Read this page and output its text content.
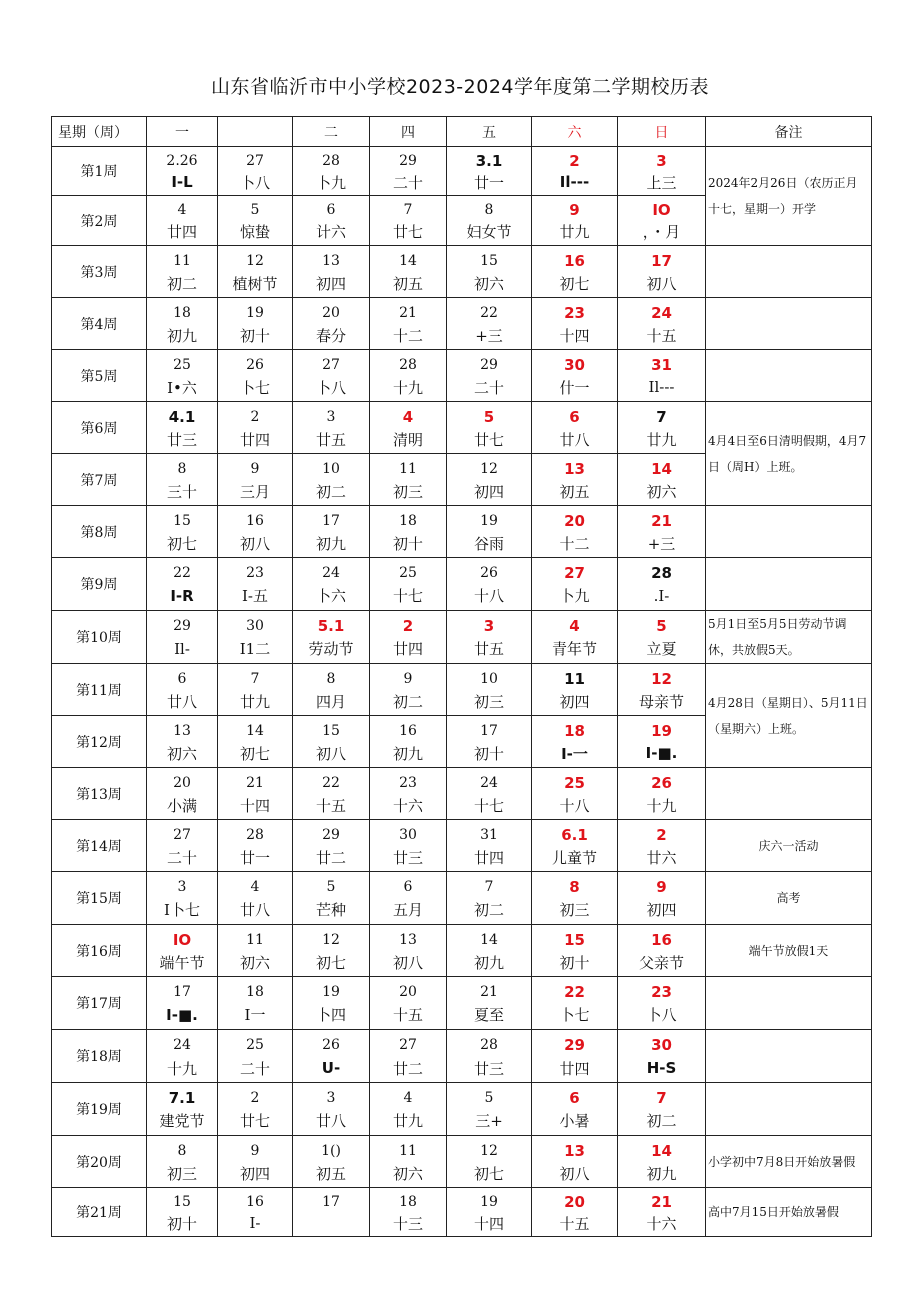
山东省临沂市中小学校2023-2024学年度第二学期校历表
星期（周）	一		二	四	五	六	日	备注
第1周	2.26	27	28	29	3.1	2	3	2024年2月26日（农历正月十七，星期一）开学

	I-L	卜八	卜九	二十	廿一	Il---	上三	

第2周	4	5	6	7	8	9	IO	

	廿四	惊蛰	计六	廿七	妇女节	廿九	，・月	

第3周	11	12	13	14	15	16	17	

	初二	植树节	初四	初五	初六	初七	初八	

第4周	18	19	20	21	22	23	24	

	初九	初十	春分	十二	+三	十四	十五	

第5周	25	26	27	28	29	30	31	

	I•六	卜七	卜八	十九	二十	什一	Il---	

第6周	4.1	2	3	4	5	6	7	4月4日至6日清明假期，4月7日（周H）上班。

	廿三	廿四	廿五	清明	廿七	廿八	廿九	

第7周	8	9	10	11	12	13	14	

	三十	三月	初二	初三	初四	初五	初六	

第8周	15	16	17	18	19	20	21	

	初七	初八	初九	初十	谷雨	十二	+三	

第9周	22	23	24	25	26	27	28	

	I-R	I-五	卜六	十七	十八	卜九	.I-	

第10周	29	30	5.1	2	3	4	5	5月1日至5月5日劳动节调休，共放假5天。

	Il-	I1二	劳动节	廿四	廿五	青年节	立夏	

第11周	6	7	8	9	10	11	12	4月28日（星期日）、5月11日（星期六）上班。

	廿八	廿九	四月	初二	初三	初四	母亲节	

第12周	13	14	15	16	17	18	19	

	初六	初七	初八	初九	初十	I-一	I-■.	

第13周	20	21	22	23	24	25	26	

	小满	十四	十五	十六	十七	十八	十九	

第14周	27	28	29	30	31	6.1	2	庆六一活动

	二十	廿一	廿二	廿三	廿四	儿童节	廿六	

第15周	3	4	5	6	7	8	9	高考

	I卜七	廿八	芒种	五月	初二	初三	初四	

第16周	IO	11	12	13	14	15	16	端午节放假1天

	端午节	初六	初七	初八	初九	初十	父亲节	

第17周	17	18	19	20	21	22	23	

	I-■.	I一	卜四	十五	夏至	卜七	卜八	

第18周	24	25	26	27	28	29	30	

	十九	二十	U-	廿二	廿三	廿四	H-S	

第19周	7.1	2	3	4	5	6	7	

	建党节	廿七	廿八	廿九	三+	小暑	初二	

第20周	8	9	1()	11	12	13	14	小学初中7月8日开始放暑假

	初三	初四	初五	初六	初七	初八	初九	

第21周	15	16	17	18	19	20	21	高中7月15日开始放暑假

	初十	I-		十三	十四	十五	十六	
